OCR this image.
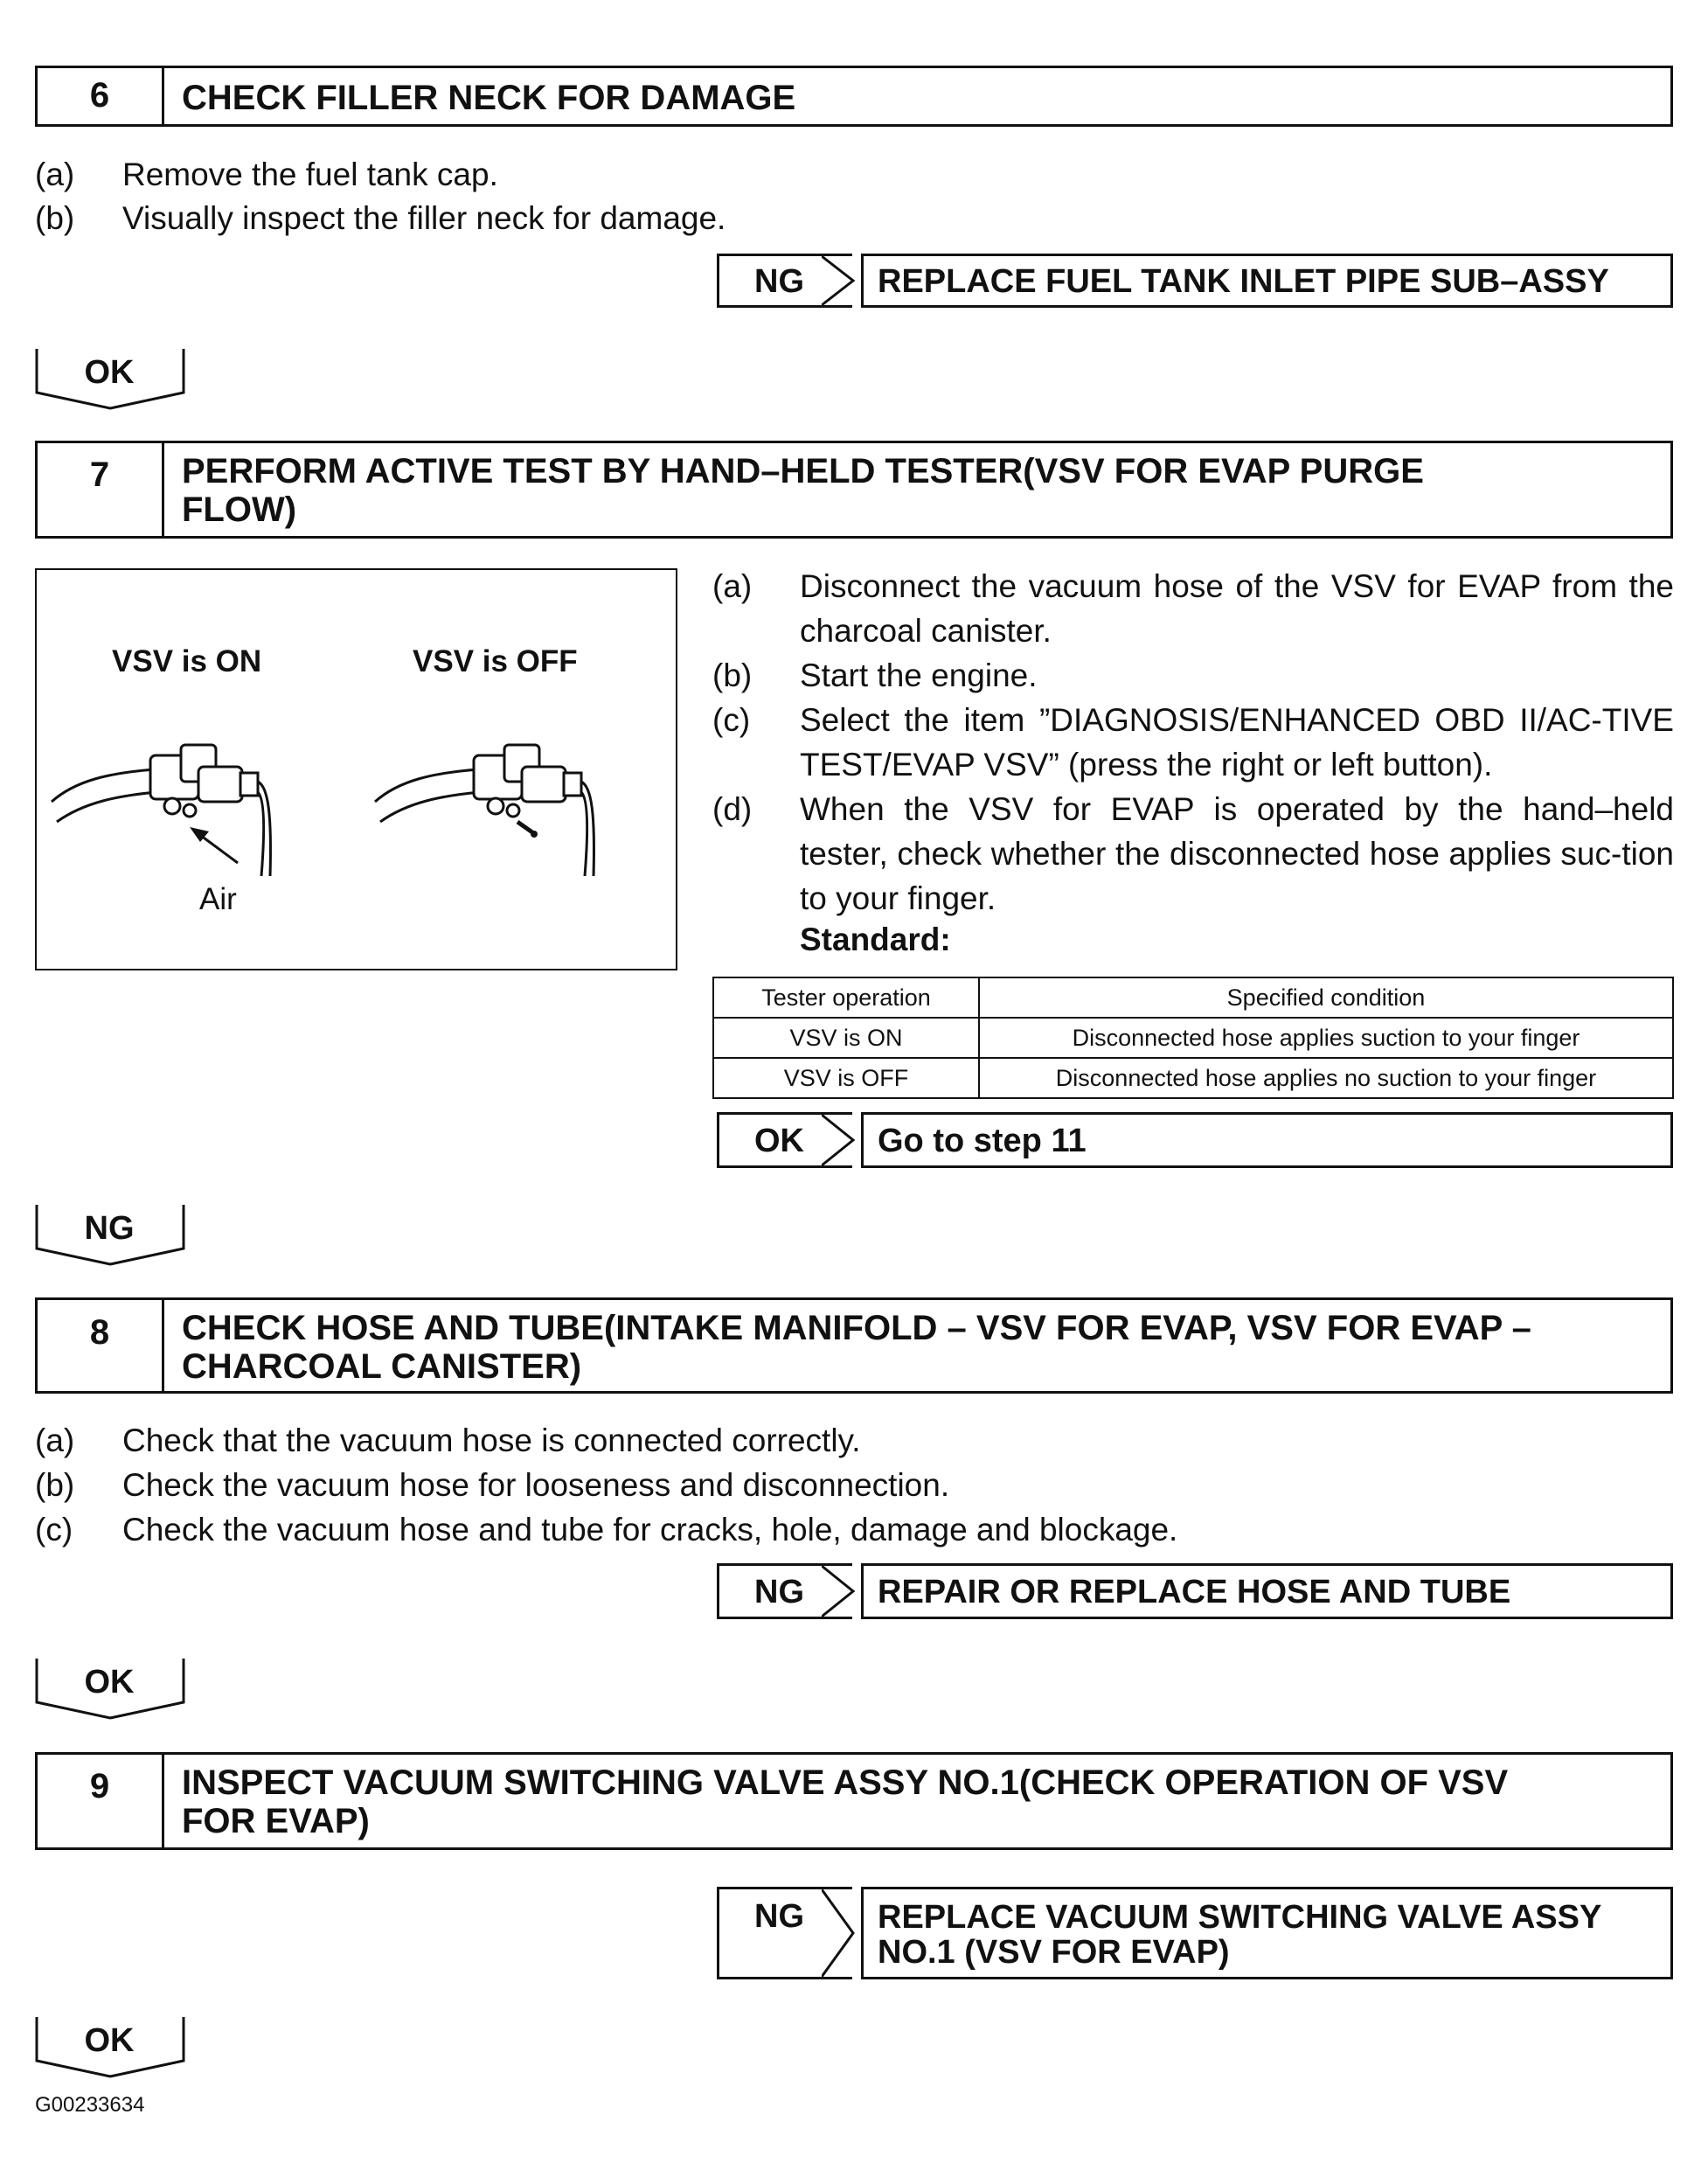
6	CHECK FILLER NECK FOR DAMAGE
(a) Remove the fuel tank cap.
(b) Visually inspect the filler neck for damage.
NG	REPLACE FUEL TANK INLET PIPE SUB–ASSY
OK
7	PERFORM ACTIVE TEST BY HAND–HELD TESTER(VSV FOR EVAP PURGE
FLOW)
VSV is ON	VSV is OFF
Air
(a) Disconnect the vacuum hose of the VSV for EVAP from the charcoal canister.
(b) Start the engine.
(c) Select the item ”DIAGNOSIS/ENHANCED OBD II/AC-TIVE TEST/EVAP VSV” (press the right or left button).
(d) When the VSV for EVAP is operated by the hand–held tester, check whether the disconnected hose applies suc-tion to your finger.
Standard:
Tester operation	Specified condition
VSV is ON	Disconnected hose applies suction to your finger
VSV is OFF	Disconnected hose applies no suction to your finger
OK	Go to step 11
NG
8	CHECK HOSE AND TUBE(INTAKE MANIFOLD – VSV FOR EVAP, VSV FOR EVAP –
CHARCOAL CANISTER)
(a) Check that the vacuum hose is connected correctly.
(b) Check the vacuum hose for looseness and disconnection.
(c) Check the vacuum hose and tube for cracks, hole, damage and blockage.
NG	REPAIR OR REPLACE HOSE AND TUBE
OK
9	INSPECT VACUUM SWITCHING VALVE ASSY NO.1(CHECK OPERATION OF VSV
FOR EVAP)
NG REPLACE VACUUM SWITCHING VALVE ASSY
NO.1 (VSV FOR EVAP)
OK
G00233634
